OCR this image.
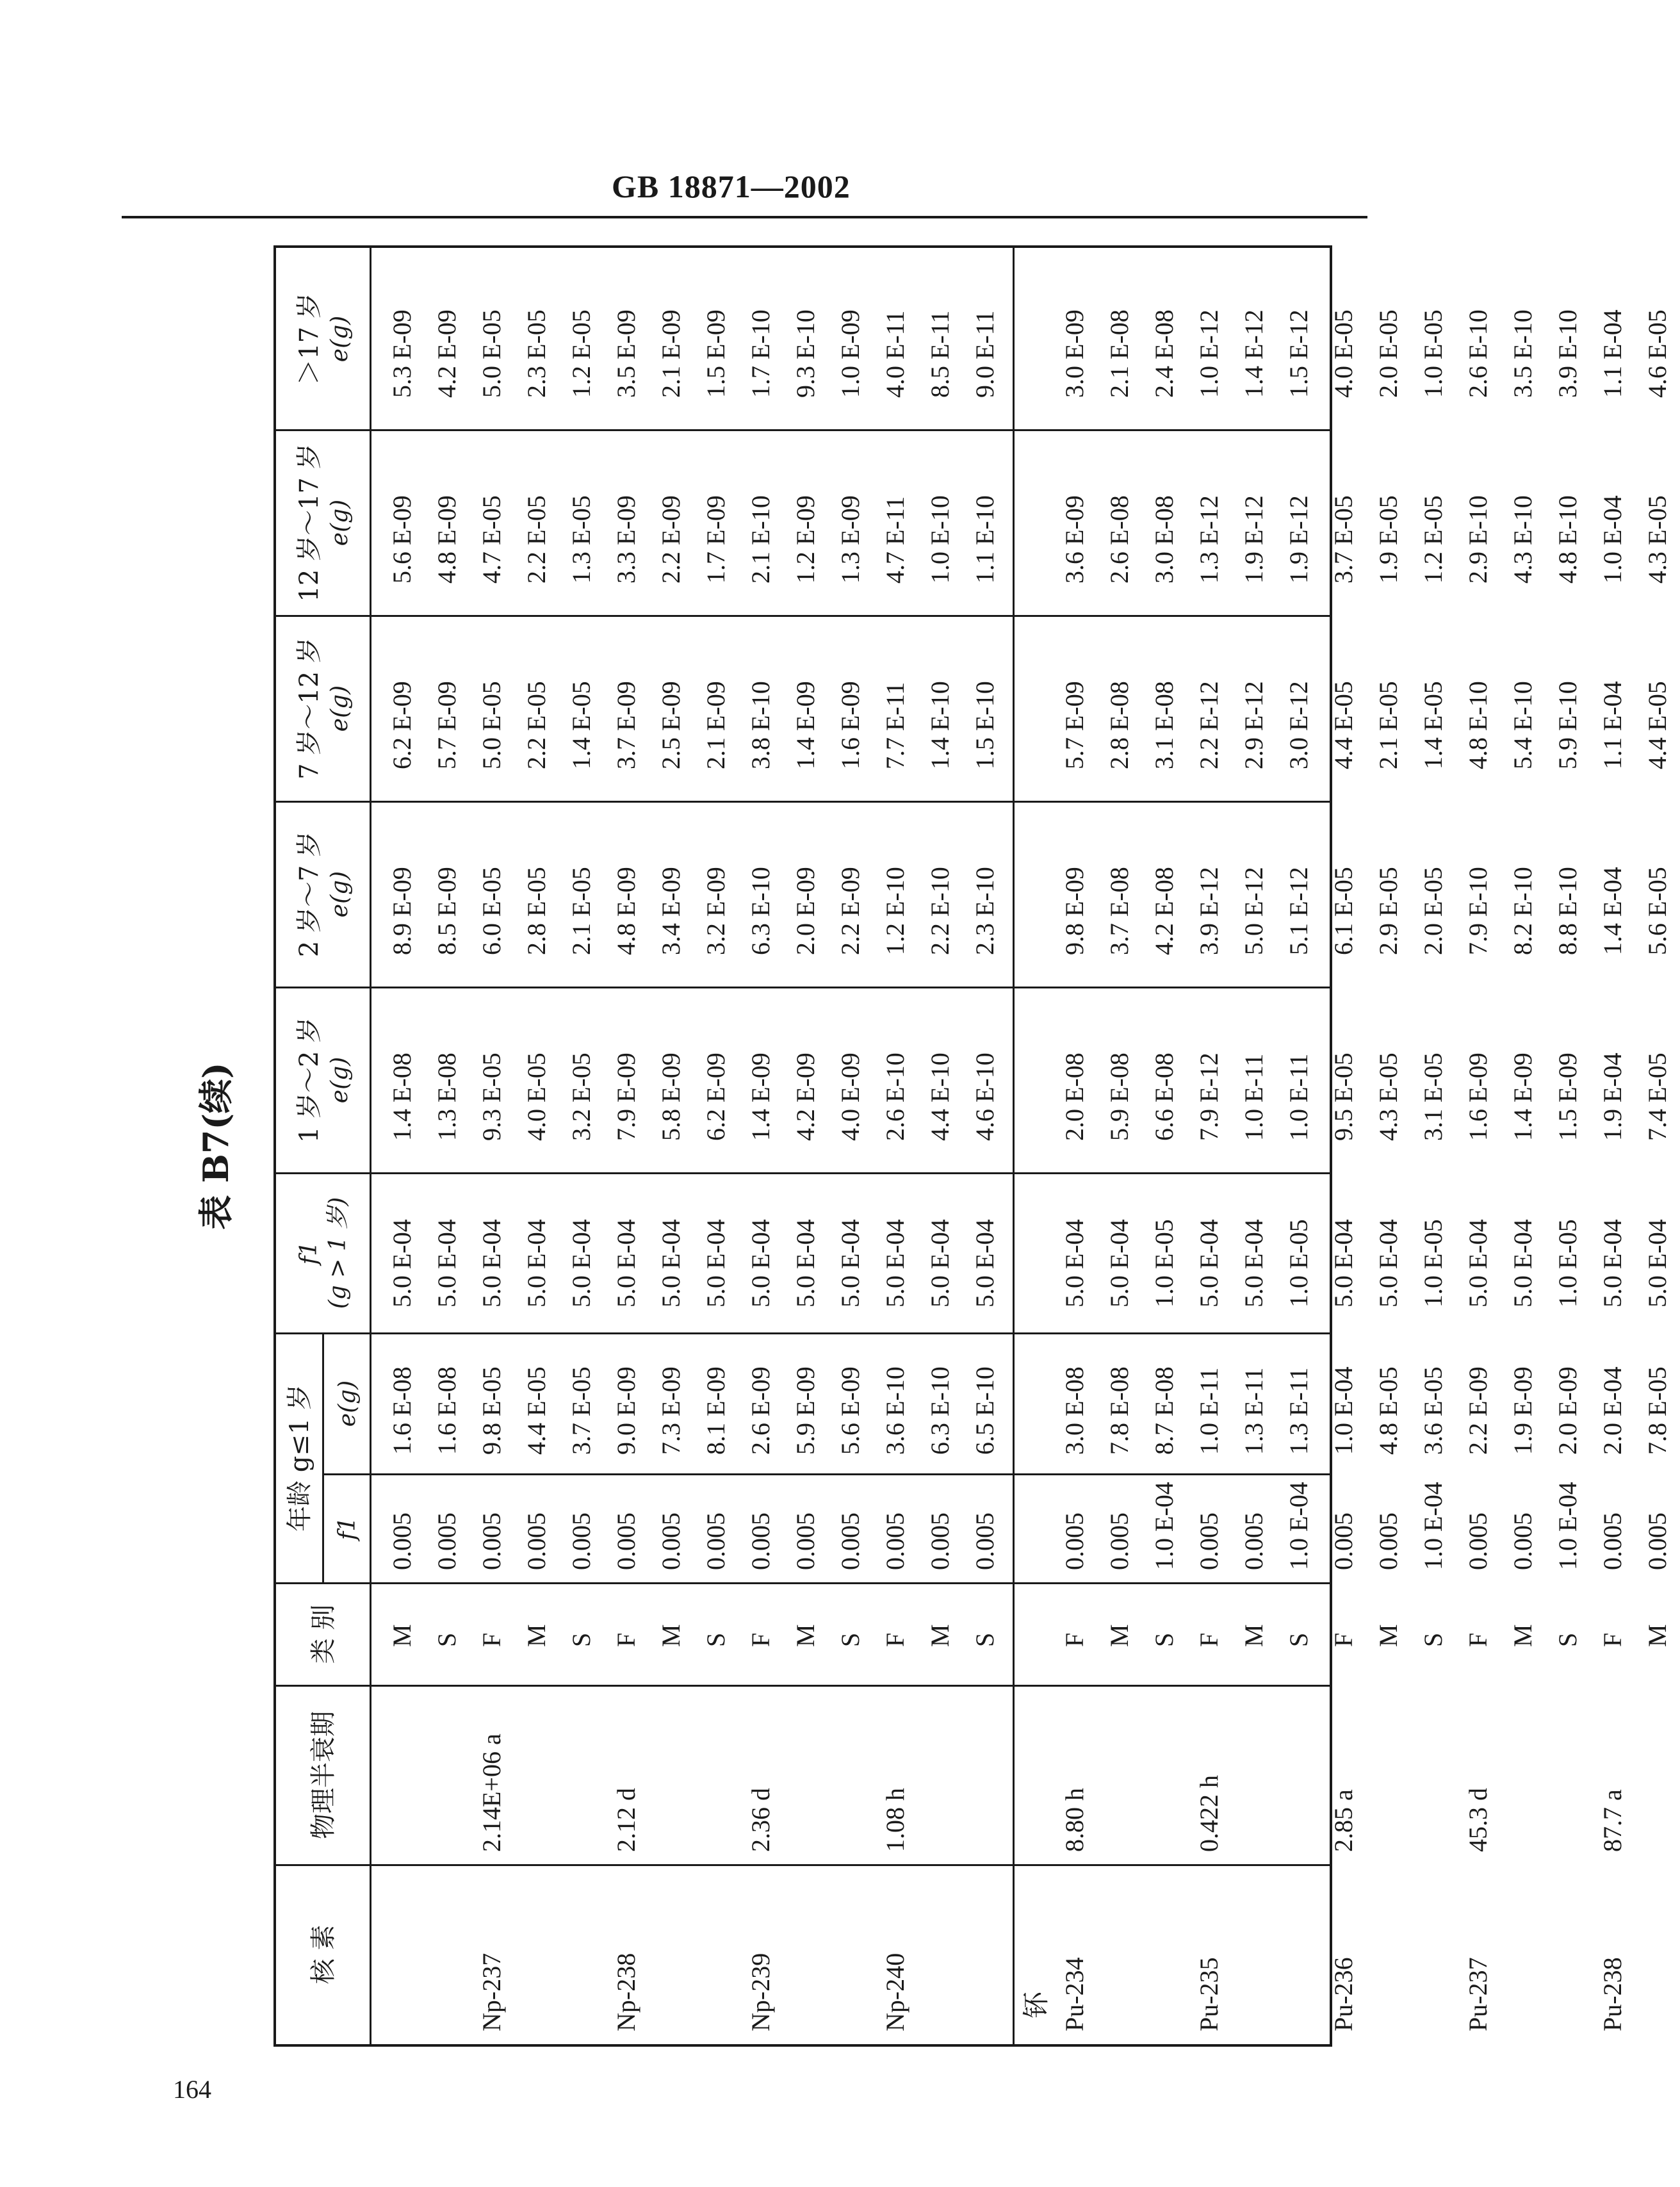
GB 18871—2002
表 B7(续)
核 素
物理半衰期
类 别
年龄 g≤1 岁 f1
e(g)
f1 (g > 1 岁)
1 岁～2 岁 e(g)
2 岁～7 岁 e(g)
7 岁～12 岁 e(g)
12 岁～17 岁 e(g)
＞17 岁 e(g)
钚
M
0.005
1.6 E-08
5.0 E-04
1.4 E-08
8.9 E-09
6.2 E-09
5.6 E-09
5.3 E-09
S
0.005
1.6 E-08
5.0 E-04
1.3 E-08
8.5 E-09
5.7 E-09
4.8 E-09
4.2 E-09
Np-237
2.14E+06 a
F
0.005
9.8 E-05
5.0 E-04
9.3 E-05
6.0 E-05
5.0 E-05
4.7 E-05
5.0 E-05
M
0.005
4.4 E-05
5.0 E-04
4.0 E-05
2.8 E-05
2.2 E-05
2.2 E-05
2.3 E-05
S
0.005
3.7 E-05
5.0 E-04
3.2 E-05
2.1 E-05
1.4 E-05
1.3 E-05
1.2 E-05
Np-238
2.12 d
F
0.005
9.0 E-09
5.0 E-04
7.9 E-09
4.8 E-09
3.7 E-09
3.3 E-09
3.5 E-09
M
0.005
7.3 E-09
5.0 E-04
5.8 E-09
3.4 E-09
2.5 E-09
2.2 E-09
2.1 E-09
S
0.005
8.1 E-09
5.0 E-04
6.2 E-09
3.2 E-09
2.1 E-09
1.7 E-09
1.5 E-09
Np-239
2.36 d
F
0.005
2.6 E-09
5.0 E-04
1.4 E-09
6.3 E-10
3.8 E-10
2.1 E-10
1.7 E-10
M
0.005
5.9 E-09
5.0 E-04
4.2 E-09
2.0 E-09
1.4 E-09
1.2 E-09
9.3 E-10
S
0.005
5.6 E-09
5.0 E-04
4.0 E-09
2.2 E-09
1.6 E-09
1.3 E-09
1.0 E-09
Np-240
1.08 h
F
0.005
3.6 E-10
5.0 E-04
2.6 E-10
1.2 E-10
7.7 E-11
4.7 E-11
4.0 E-11
M
0.005
6.3 E-10
5.0 E-04
4.4 E-10
2.2 E-10
1.4 E-10
1.0 E-10
8.5 E-11
S
0.005
6.5 E-10
5.0 E-04
4.6 E-10
2.3 E-10
1.5 E-10
1.1 E-10
9.0 E-11
Pu-234
8.80 h
F
0.005
3.0 E-08
5.0 E-04
2.0 E-08
9.8 E-09
5.7 E-09
3.6 E-09
3.0 E-09
M
0.005
7.8 E-08
5.0 E-04
5.9 E-08
3.7 E-08
2.8 E-08
2.6 E-08
2.1 E-08
S
1.0 E-04
8.7 E-08
1.0 E-05
6.6 E-08
4.2 E-08
3.1 E-08
3.0 E-08
2.4 E-08
Pu-235
0.422 h
F
0.005
1.0 E-11
5.0 E-04
7.9 E-12
3.9 E-12
2.2 E-12
1.3 E-12
1.0 E-12
M
0.005
1.3 E-11
5.0 E-04
1.0 E-11
5.0 E-12
2.9 E-12
1.9 E-12
1.4 E-12
S
1.0 E-04
1.3 E-11
1.0 E-05
1.0 E-11
5.1 E-12
3.0 E-12
1.9 E-12
1.5 E-12
Pu-236
2.85 a
F
0.005
1.0 E-04
5.0 E-04
9.5 E-05
6.1 E-05
4.4 E-05
3.7 E-05
4.0 E-05
M
0.005
4.8 E-05
5.0 E-04
4.3 E-05
2.9 E-05
2.1 E-05
1.9 E-05
2.0 E-05
S
1.0 E-04
3.6 E-05
1.0 E-05
3.1 E-05
2.0 E-05
1.4 E-05
1.2 E-05
1.0 E-05
Pu-237
45.3 d
F
0.005
2.2 E-09
5.0 E-04
1.6 E-09
7.9 E-10
4.8 E-10
2.9 E-10
2.6 E-10
M
0.005
1.9 E-09
5.0 E-04
1.4 E-09
8.2 E-10
5.4 E-10
4.3 E-10
3.5 E-10
S
1.0 E-04
2.0 E-09
1.0 E-05
1.5 E-09
8.8 E-10
5.9 E-10
4.8 E-10
3.9 E-10
Pu-238
87.7 a
F
0.005
2.0 E-04
5.0 E-04
1.9 E-04
1.4 E-04
1.1 E-04
1.0 E-04
1.1 E-04
M
0.005
7.8 E-05
5.0 E-04
7.4 E-05
5.6 E-05
4.4 E-05
4.3 E-05
4.6 E-05
164
